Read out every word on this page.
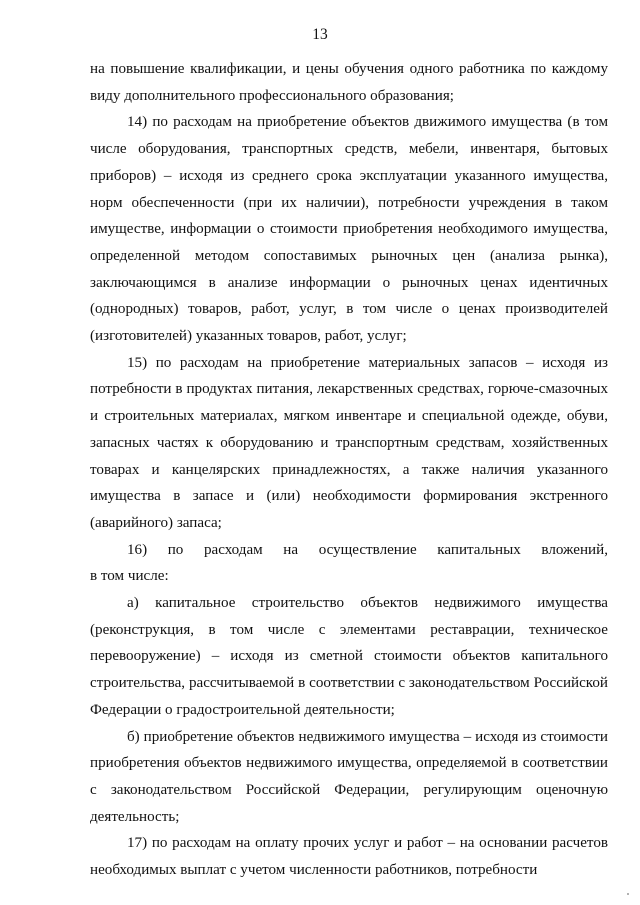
13

на повышение квалификации, и цены обучения одного работника по каждому виду дополнительного профессионального образования;

14) по расходам на приобретение объектов движимого имущества (в том числе оборудования, транспортных средств, мебели, инвентаря, бытовых приборов) – исходя из среднего срока эксплуатации указанного имущества, норм обеспеченности (при их наличии), потребности учреждения в таком имуществе, информации о стоимости приобретения необходимого имущества, определенной методом сопоставимых рыночных цен (анализа рынка), заключающимся в анализе информации о рыночных ценах идентичных (однородных) товаров, работ, услуг, в том числе о ценах производителей (изготовителей) указанных товаров, работ, услуг;

15) по расходам на приобретение материальных запасов – исходя из потребности в продуктах питания, лекарственных средствах, горюче-смазочных и строительных материалах, мягком инвентаре и специальной одежде, обуви, запасных частях к оборудованию и транспортным средствам, хозяйственных товарах и канцелярских принадлежностях, а также наличия указанного имущества в запасе и (или) необходимости формирования экстренного (аварийного) запаса;

16) по расходам на осуществление капитальных вложений,

в том числе:

а) капитальное строительство объектов недвижимого имущества (реконструкция, в том числе с элементами реставрации, техническое перевооружение) – исходя из сметной стоимости объектов капитального строительства, рассчитываемой в соответствии с законодательством Российской Федерации о градостроительной деятельности;

б) приобретение объектов недвижимого имущества – исходя из стоимости приобретения объектов недвижимого имущества, определяемой в соответствии с законодательством Российской Федерации, регулирующим оценочную деятельность;

17) по расходам на оплату прочих услуг и работ – на основании расчетов необходимых выплат с учетом численности работников, потребности
